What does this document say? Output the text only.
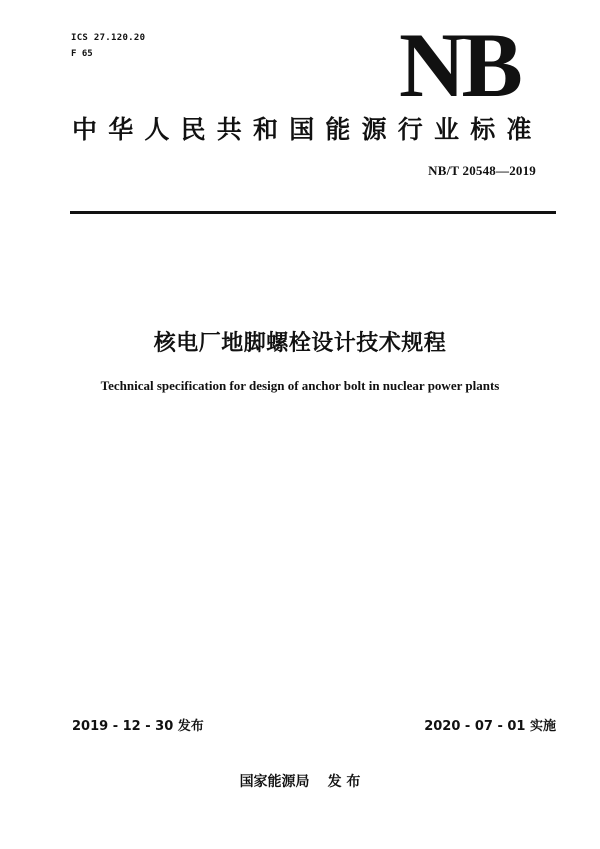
ICS 27.120.20
F 65	NB
中华人民共和国能源行业标准
NB/T 20548—2019
核电厂地脚螺栓设计技术规程
Technical specification for design of anchor bolt in nuclear power plants
2019 - 12 - 30 发布	2020 - 07 - 01 实施
国家能源局 发 布
